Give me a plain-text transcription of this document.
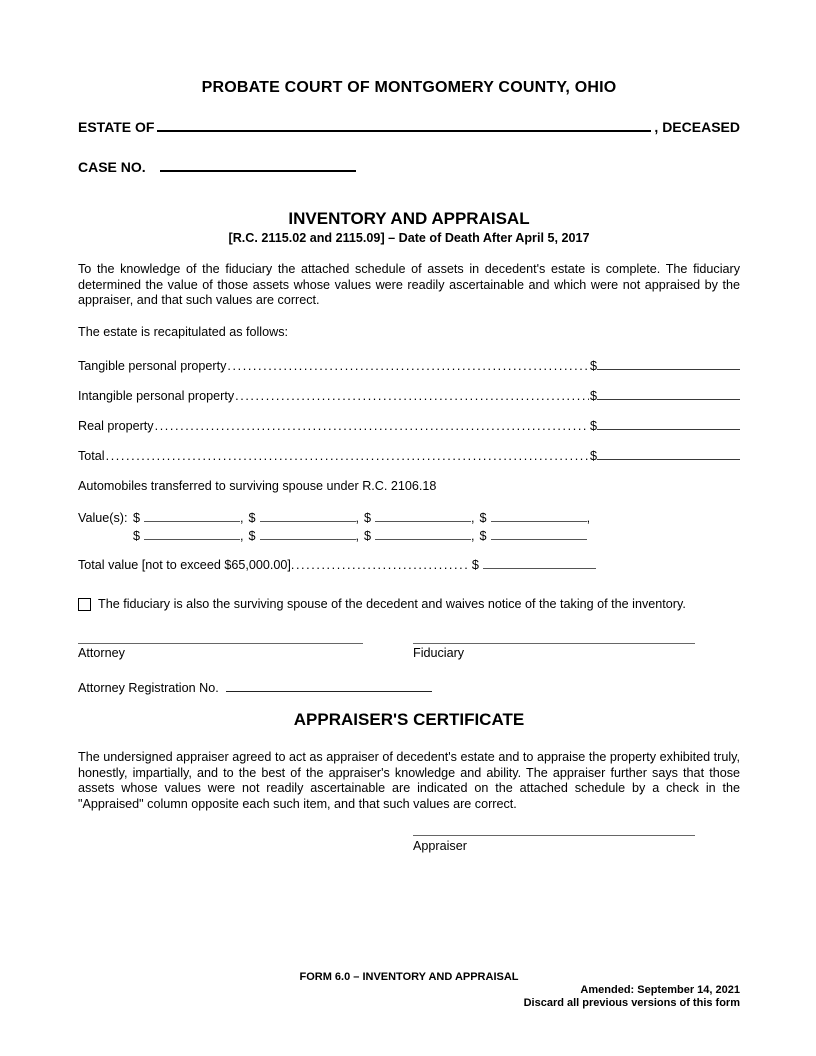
PROBATE COURT OF MONTGOMERY COUNTY, OHIO
ESTATE OF	, DECEASED
CASE NO.
INVENTORY AND APPRAISAL
[R.C. 2115.02 and 2115.09] – Date of Death After April 5, 2017
To the knowledge of the fiduciary the attached schedule of assets in decedent's estate is complete. The fiduciary determined the value of those assets whose values were readily ascertainable and which were not appraised by the appraiser, and that such values are correct.
The estate is recapitulated as follows:
Tangible personal property .....	$
Intangible personal property .....	$
Real property .....	$
Total .....	$
Automobiles transferred to surviving spouse under R.C. 2106.18
Value(s): $	, $	, $	, $	,
$	, $	, $	, $
Total value [not to exceed $65,000.00] .....	$
The fiduciary is also the surviving spouse of the decedent and waives notice of the taking of the inventory.
Attorney	Fiduciary
Attorney Registration No.
APPRAISER'S CERTIFICATE
The undersigned appraiser agreed to act as appraiser of decedent's estate and to appraise the property exhibited truly, honestly, impartially, and to the best of the appraiser's knowledge and ability. The appraiser further says that those assets whose values were not readily ascertainable are indicated on the attached schedule by a check in the "Appraised" column opposite each such item, and that such values are correct.
Appraiser
FORM 6.0 – INVENTORY AND APPRAISAL
Amended: September 14, 2021
Discard all previous versions of this form
